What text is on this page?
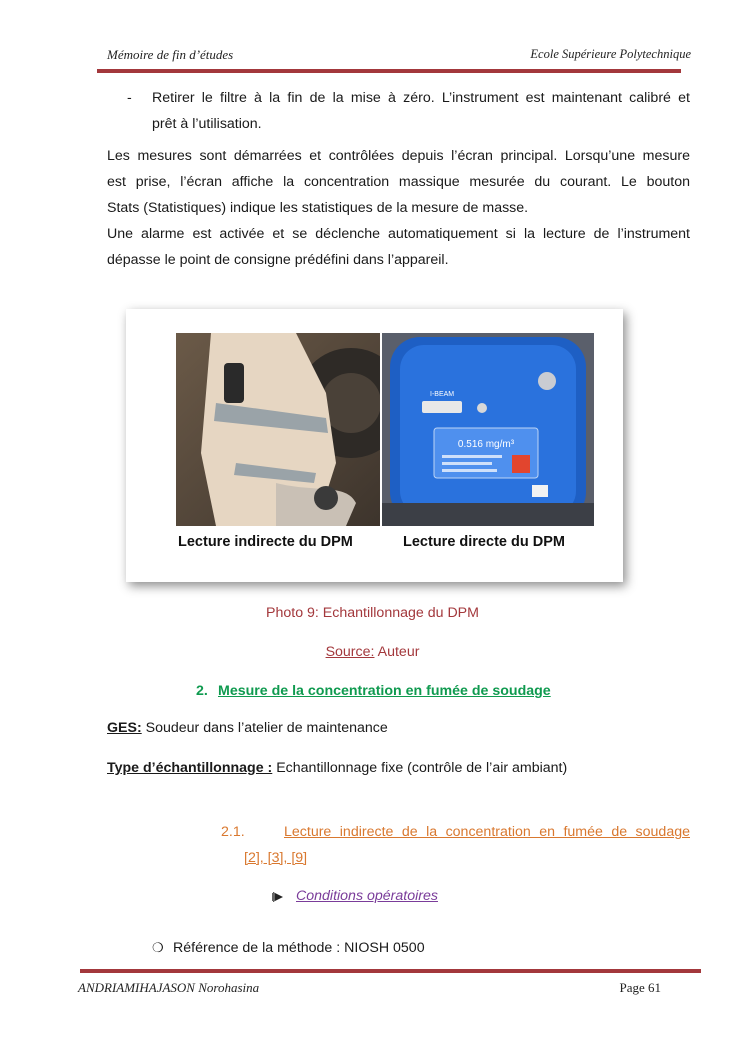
Mémoire de fin d’études	Ecole Supérieure Polytechnique
- Retirer le filtre à la fin de la mise à zéro. L’instrument est maintenant calibré et
prêt à l’utilisation.
Les mesures sont démarrées et contrôlées depuis l’écran principal. Lorsqu’une mesure
est prise, l’écran affiche la concentration massique mesurée du courant. Le bouton
Stats (Statistiques) indique les statistiques de la mesure de masse.
Une alarme est activée et se déclenche automatiquement si la lecture de l’instrument
dépasse le point de consigne prédéfini dans l’appareil.
I-BEAM
0.516 mg/m³
Lecture indirecte du DPM	Lecture directe du DPM
Photo 9: Echantillonnage du DPM
Source: Auteur
2. Mesure de la concentration en fumée de soudage
GES: Soudeur dans l’atelier de maintenance
Type d’échantillonnage : Echantillonnage fixe (contrôle de l’air ambiant)
2.1.	Lecture indirecte de la concentration en fumée de soudage
[2], [3], [9]
Conditions opératoires
❍ Référence de la méthode : NIOSH 0500
ANDRIAMIHAJASON Norohasina	Page 61
